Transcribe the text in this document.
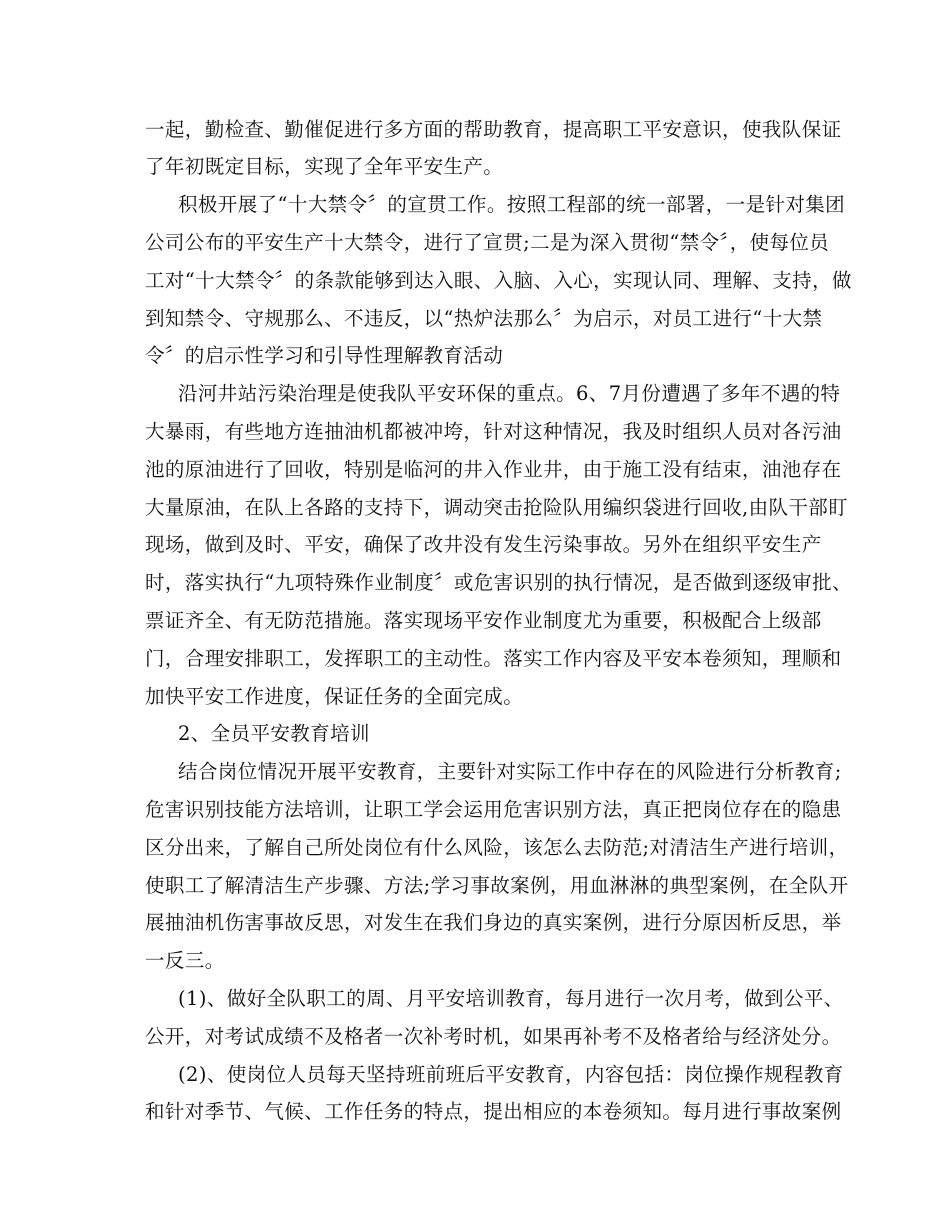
一起，勤检查、勤催促进行多方面的帮助教育，提高职工平安意识，使我队保证
了年初既定目标，实现了全年平安生产。
积极开展了“十大禁令〞的宣贯工作。按照工程部的统一部署，一是针对集团
公司公布的平安生产十大禁令，进行了宣贯;二是为深入贯彻“禁令〞，使每位员
工对“十大禁令〞的条款能够到达入眼、入脑、入心，实现认同、理解、支持，做
到知禁令、守规那么、不违反，以“热炉法那么〞为启示，对员工进行“十大禁
令〞的启示性学习和引导性理解教育活动
沿河井站污染治理是使我队平安环保的重点。6、7月份遭遇了多年不遇的特
大暴雨，有些地方连抽油机都被冲垮，针对这种情况，我及时组织人员对各污油
池的原油进行了回收，特别是临河的井入作业井，由于施工没有结束，油池存在
大量原油，在队上各路的支持下，调动突击抢险队用编织袋进行回收,由队干部盯
现场，做到及时、平安，确保了改井没有发生污染事故。另外在组织平安生产
时，落实执行“九项特殊作业制度〞或危害识别的执行情况，是否做到逐级审批、
票证齐全、有无防范措施。落实现场平安作业制度尤为重要，积极配合上级部
门，合理安排职工，发挥职工的主动性。落实工作内容及平安本卷须知，理顺和
加快平安工作进度，保证任务的全面完成。
2、全员平安教育培训
结合岗位情况开展平安教育，主要针对实际工作中存在的风险进行分析教育;
危害识别技能方法培训，让职工学会运用危害识别方法，真正把岗位存在的隐患
区分出来，了解自己所处岗位有什么风险，该怎么去防范;对清洁生产进行培训，
使职工了解清洁生产步骤、方法;学习事故案例，用血淋淋的典型案例，在全队开
展抽油机伤害事故反思，对发生在我们身边的真实案例，进行分原因析反思，举
一反三。
(1)、做好全队职工的周、月平安培训教育，每月进行一次月考，做到公平、
公开，对考试成绩不及格者一次补考时机，如果再补考不及格者给与经济处分。
(2)、使岗位人员每天坚持班前班后平安教育，内容包括：岗位操作规程教育
和针对季节、气候、工作任务的特点，提出相应的本卷须知。每月进行事故案例
